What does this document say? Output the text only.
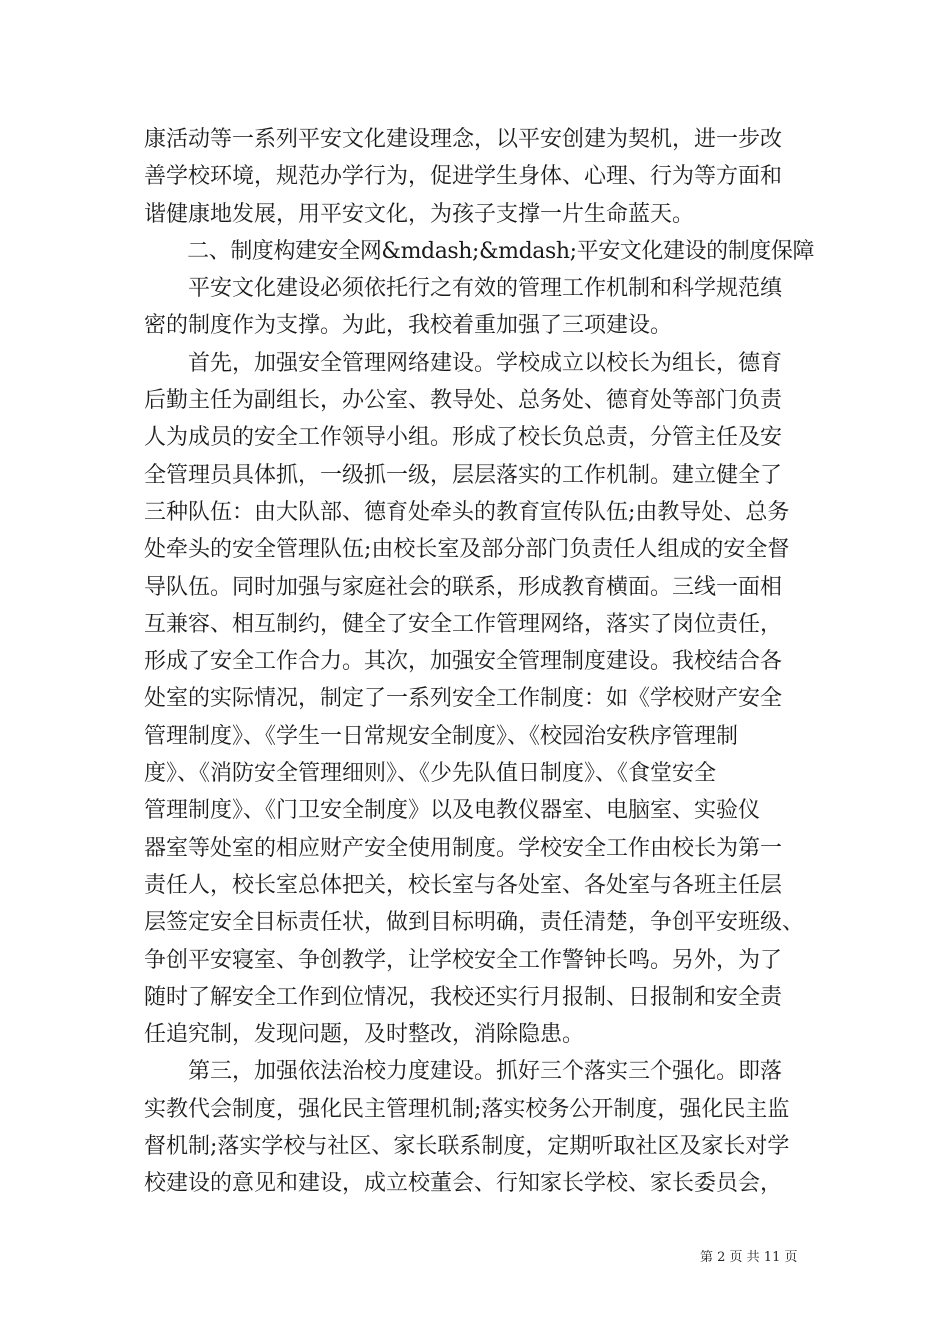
康活动等一系列平安文化建设理念，以平安创建为契机，进一步改
善学校环境，规范办学行为，促进学生身体、心理、行为等方面和
谐健康地发展，用平安文化，为孩子支撑一片生命蓝天。
　　二、制度构建安全网&mdash;&mdash;平安文化建设的制度保障
　　平安文化建设必须依托行之有效的管理工作机制和科学规范缜
密的制度作为支撑。为此，我校着重加强了三项建设。
　　首先，加强安全管理网络建设。学校成立以校长为组长，德育
后勤主任为副组长，办公室、教导处、总务处、德育处等部门负责
人为成员的安全工作领导小组。形成了校长负总责，分管主任及安
全管理员具体抓，一级抓一级，层层落实的工作机制。建立健全了
三种队伍：由大队部、德育处牵头的教育宣传队伍;由教导处、总务
处牵头的安全管理队伍;由校长室及部分部门负责任人组成的安全督
导队伍。同时加强与家庭社会的联系，形成教育横面。三线一面相
互兼容、相互制约，健全了安全工作管理网络，落实了岗位责任，
形成了安全工作合力。其次，加强安全管理制度建设。我校结合各
处室的实际情况，制定了一系列安全工作制度：如《学校财产安全
管理制度》、《学生一日常规安全制度》、《校园治安秩序管理制
度》、《消防安全管理细则》、《少先队值日制度》、《食堂安全
管理制度》、《门卫安全制度》以及电教仪器室、电脑室、实验仪
器室等处室的相应财产安全使用制度。学校安全工作由校长为第一
责任人，校长室总体把关，校长室与各处室、各处室与各班主任层
层签定安全目标责任状，做到目标明确，责任清楚，争创平安班级、
争创平安寝室、争创教学，让学校安全工作警钟长鸣。另外，为了
随时了解安全工作到位情况，我校还实行月报制、日报制和安全责
任追究制，发现问题，及时整改，消除隐患。
　　第三，加强依法治校力度建设。抓好三个落实三个强化。即落
实教代会制度，强化民主管理机制;落实校务公开制度，强化民主监
督机制;落实学校与社区、家长联系制度，定期听取社区及家长对学
校建设的意见和建设，成立校董会、行知家长学校、家长委员会，
第 2 页 共 11 页
